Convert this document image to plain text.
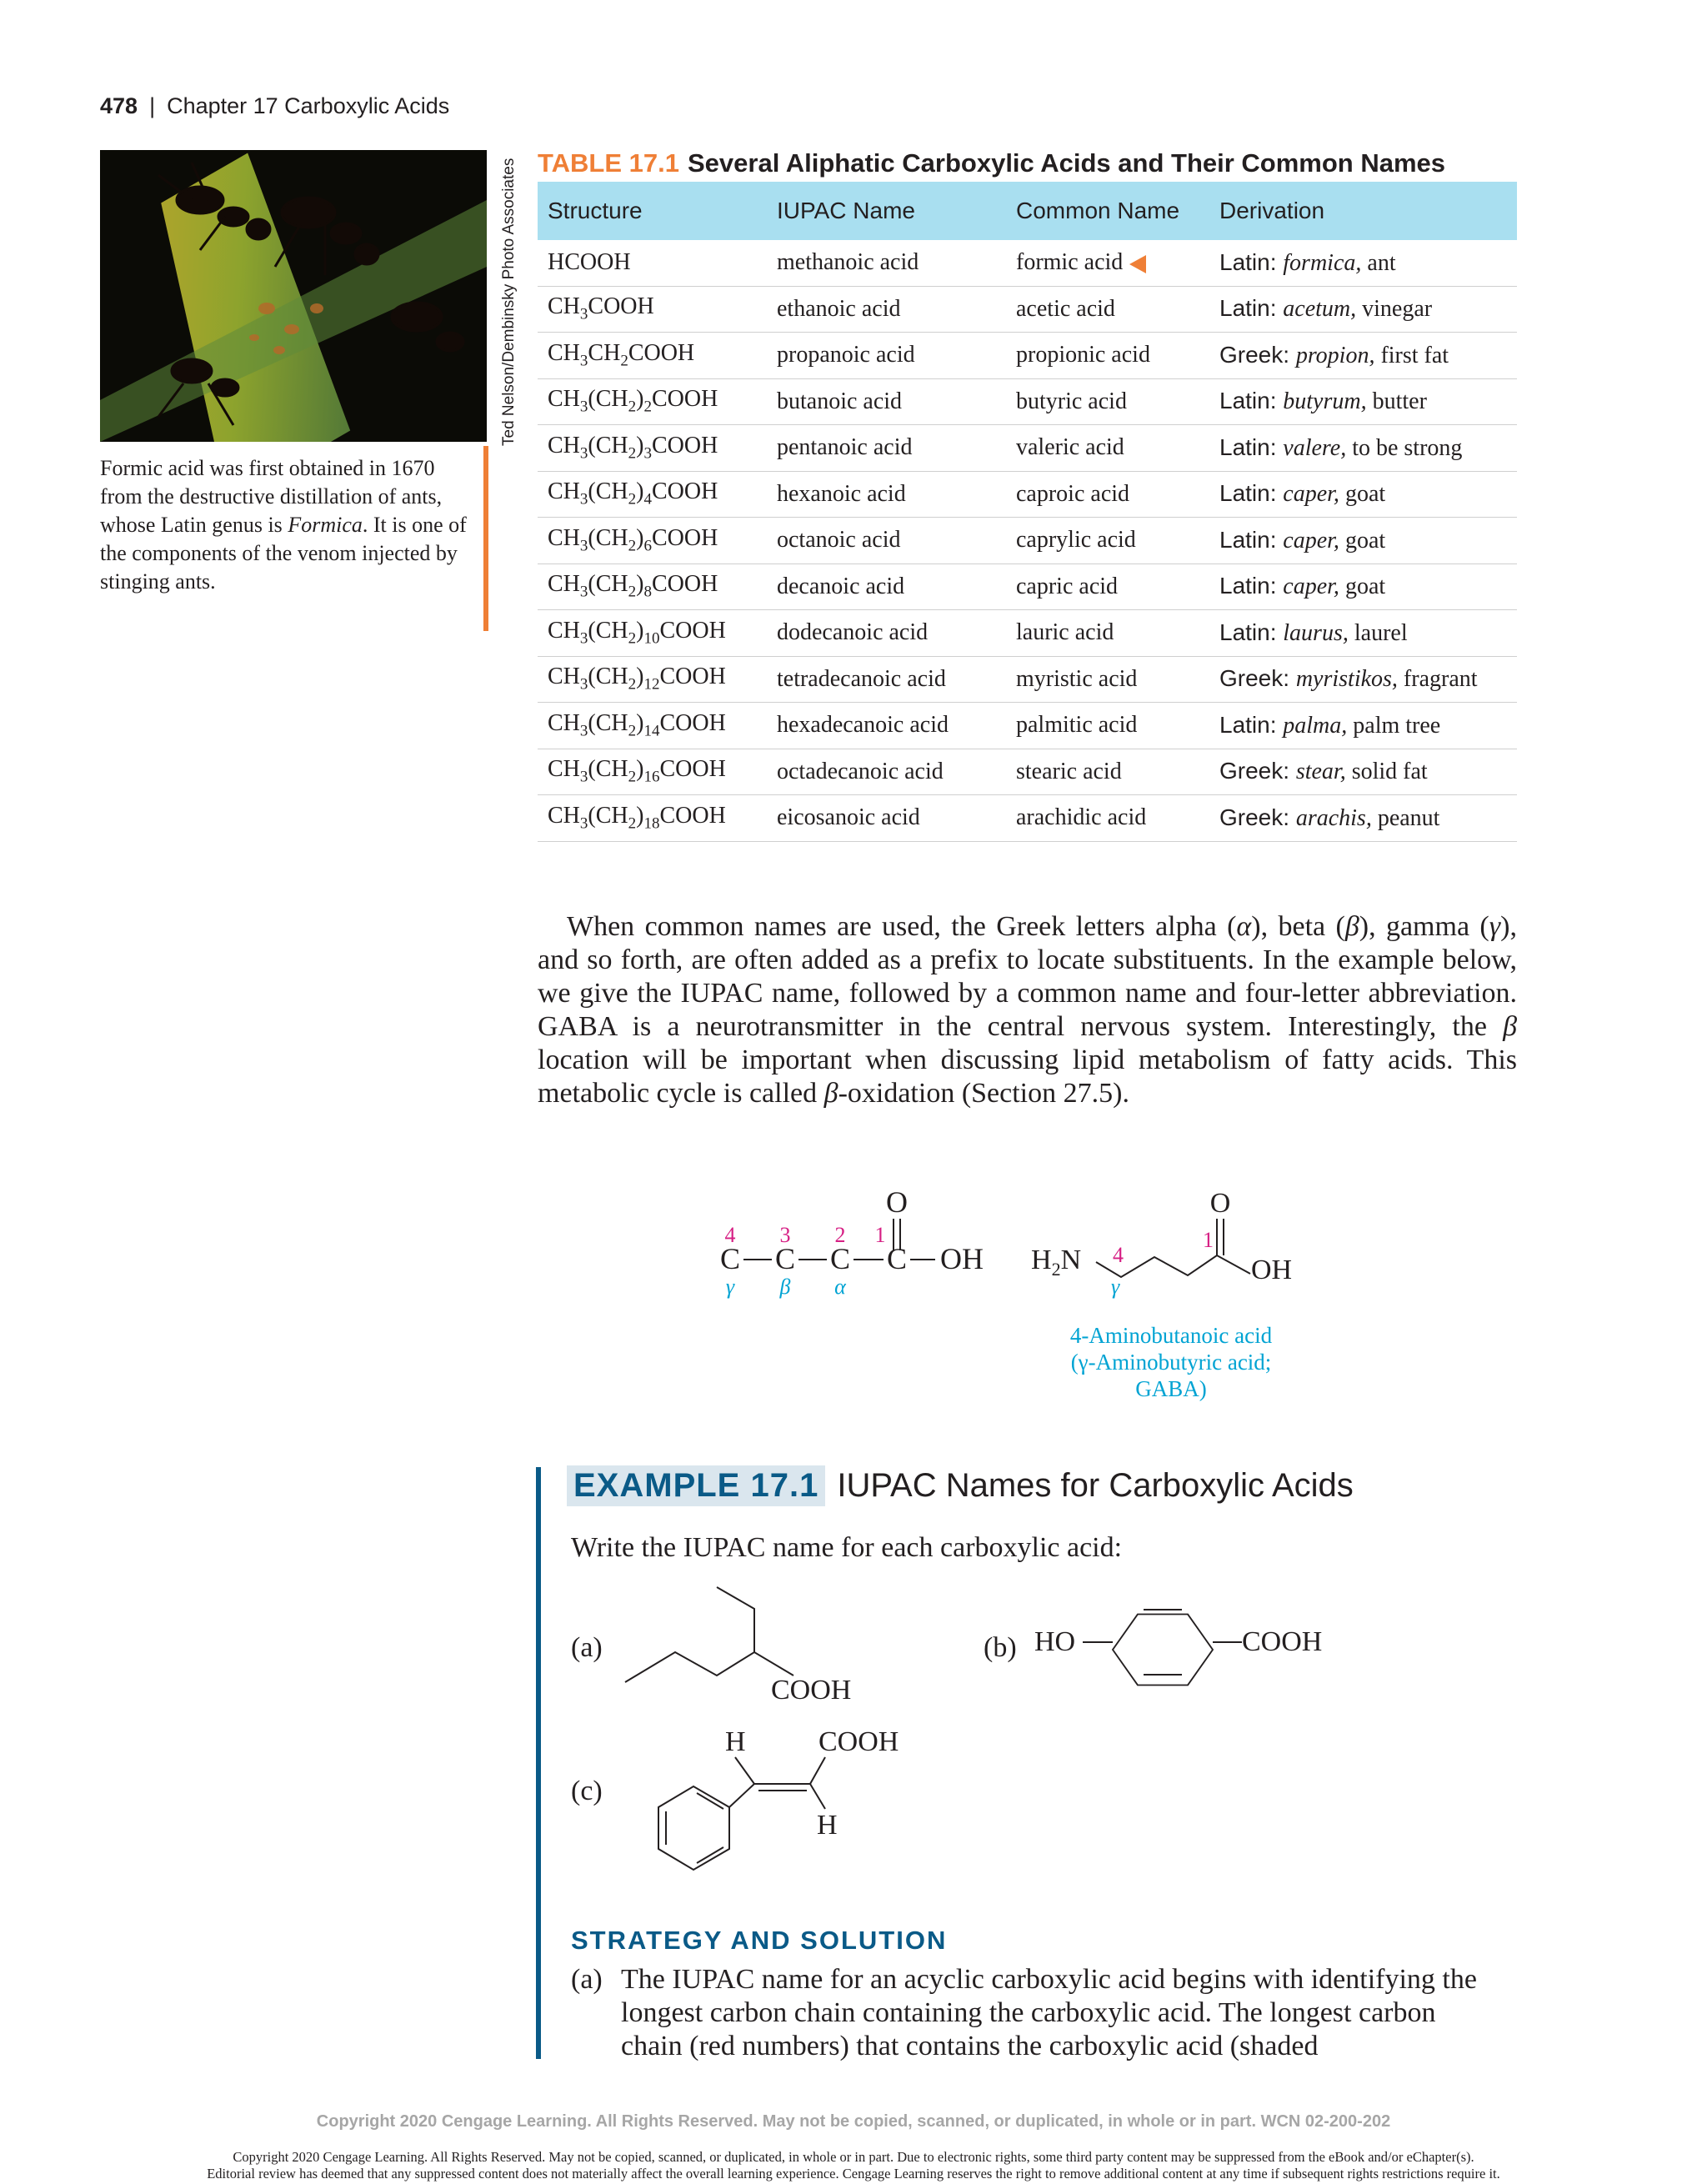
478 | Chapter 17 Carboxylic Acids
Ted Nelson/Dembinsky Photo Associates
Formic acid was first obtained in 1670 from the destructive distillation of ants, whose Latin genus is Formica. It is one of the components of the venom injected by stinging ants.
TABLE 17.1 Several Aliphatic Carboxylic Acids and Their Common Names
Structure	IUPAC Name	Common Name	Derivation
HCOOH	methanoic acid	formic acid	Latin: formica, ant
$CH_3COOH$	ethanoic acid	acetic acid	Latin: acetum, vinegar
$CH_3CH_2COOH$	propanoic acid	propionic acid	Greek: propion, first fat
$CH_3(CH_2)_2COOH$	butanoic acid	butyric acid	Latin: butyrum, butter
$CH_3(CH_2)_3COOH$	pentanoic acid	valeric acid	Latin: valere, to be strong
$CH_3(CH_2)_4COOH$	hexanoic acid	caproic acid	Latin: caper, goat
$CH_3(CH_2)_6COOH$	octanoic acid	caprylic acid	Latin: caper, goat
$CH_3(CH_2)_8COOH$	decanoic acid	capric acid	Latin: caper, goat
$CH_3(CH_2)_{10}COOH$	dodecanoic acid	lauric acid	Latin: laurus, laurel
$CH_3(CH_2)_{12}COOH$	tetradecanoic acid	myristic acid	Greek: myristikos, fragrant
$CH_3(CH_2)_{14}COOH$	hexadecanoic acid	palmitic acid	Latin: palma, palm tree
$CH_3(CH_2)_{16}COOH$	octadecanoic acid	stearic acid	Greek: stear, solid fat
$CH_3(CH_2)_{18}COOH$	eicosanoic acid	arachidic acid	Greek: arachis, peanut
When common names are used, the Greek letters alpha (α), beta (β), gamma (γ), and so forth, are often added as a prefix to locate substituents. In the example below, we give the IUPAC name, followed by a common name and four-letter abbreviation. GABA is a neurotransmitter in the central nervous system. Interestingly, the β location will be important when discussing lipid metabolism of fatty acids. This metabolic cycle is called β-oxidation (Section 27.5).
O
4 3 2 1
C C C C OH
γ β α
$H_2N$
O
OH
4
1
γ
4-Aminobutanoic acid
(γ-Aminobutyric acid; GABA)
EXAMPLE 17.1 IUPAC Names for Carboxylic Acids
Write the IUPAC name for each carboxylic acid:
(a)
COOH
(b) HO	COOH
(c)
H	COOH
H
STRATEGY AND SOLUTION
(a) The IUPAC name for an acyclic carboxylic acid begins with identifying the longest carbon chain containing the carboxylic acid. The longest carbon chain (red numbers) that contains the carboxylic acid (shaded
Copyright 2020 Cengage Learning. All Rights Reserved. May not be copied, scanned, or duplicated, in whole or in part. WCN 02-200-202
Copyright 2020 Cengage Learning. All Rights Reserved. May not be copied, scanned, or duplicated, in whole or in part. Due to electronic rights, some third party content may be suppressed from the eBook and/or eChapter(s).
Editorial review has deemed that any suppressed content does not materially affect the overall learning experience. Cengage Learning reserves the right to remove additional content at any time if subsequent rights restrictions require it.
